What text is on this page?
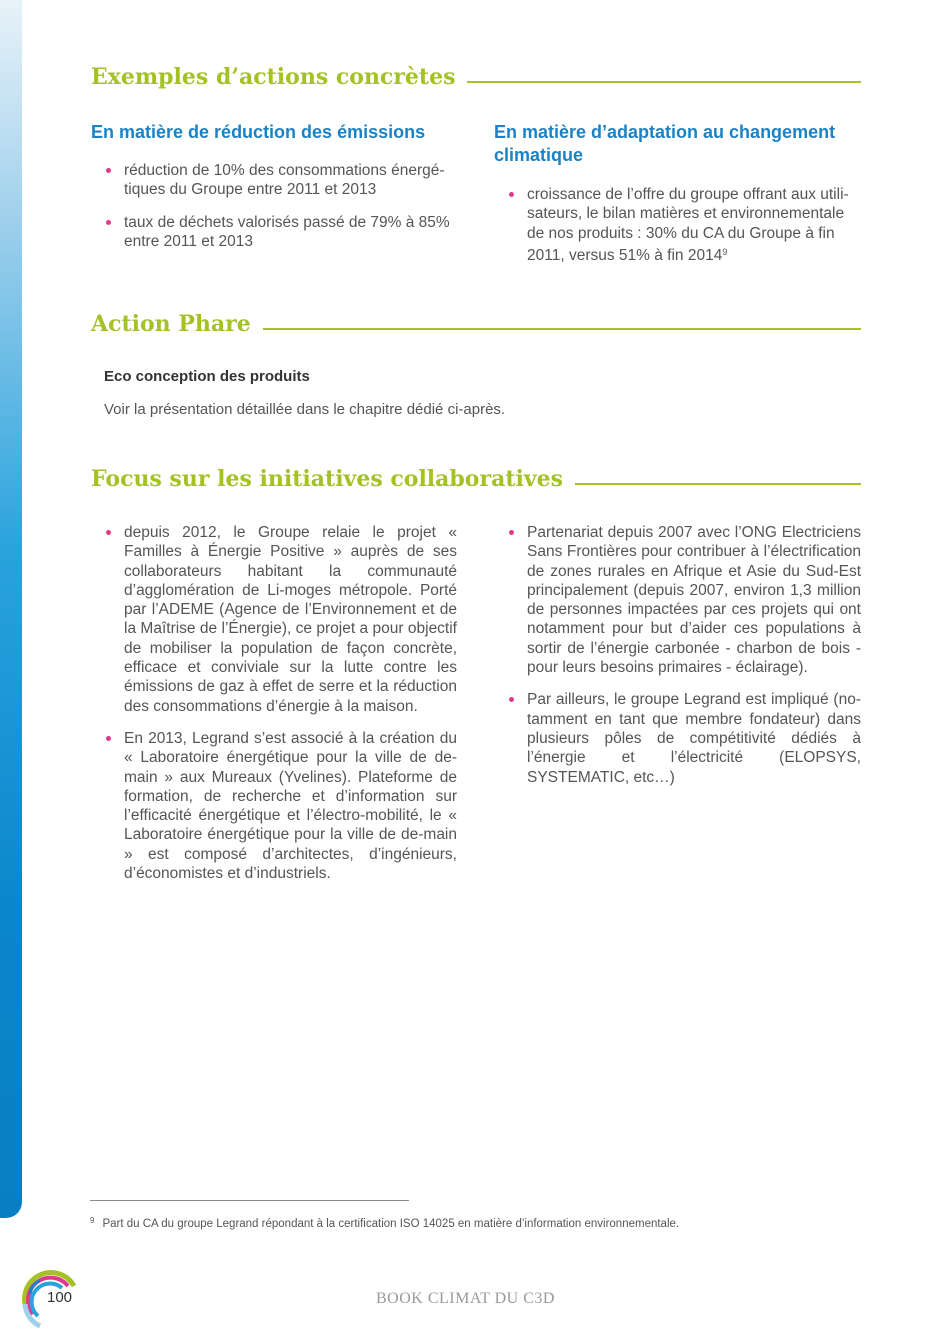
Exemples d’actions concrètes
En matière de réduction des émissions
réduction de 10% des consommations énergé-tiques du Groupe entre 2011 et 2013
taux de déchets valorisés passé de 79% à 85% entre 2011 et 2013
En matière d’adaptation au changement climatique
croissance de l’offre du groupe offrant aux utili-sateurs, le bilan matières et environnementale de nos produits : 30% du CA du Groupe à fin 2011, versus 51% à fin 2014$^9$
Action Phare
Eco conception des produits
Voir la présentation détaillée dans le chapitre dédié ci-après.
Focus sur les initiatives collaboratives
depuis 2012, le Groupe relaie le projet « Familles à Énergie Positive » auprès de ses collaborateurs habitant la communauté d’agglomération de Li-moges métropole. Porté par l’ADEME (Agence de l’Environnement et de la Maîtrise de l’Énergie), ce projet a pour objectif de mobiliser la population de façon concrète, efficace et conviviale sur la lutte contre les émissions de gaz à effet de serre et la réduction des consommations d’énergie à la maison.
En 2013, Legrand s’est associé à la création du « Laboratoire énergétique pour la ville de de-main » aux Mureaux (Yvelines). Plateforme de formation, de recherche et d’information sur l’efficacité énergétique et l’électro-mobilité, le « Laboratoire énergétique pour la ville de de-main » est composé d’architectes, d’ingénieurs, d’économistes et d’industriels.
Partenariat depuis 2007 avec l’ONG Electriciens Sans Frontières pour contribuer à l’électrification de zones rurales en Afrique et Asie du Sud-Est principalement (depuis 2007, environ 1,3 million de personnes impactées par ces projets qui ont notamment pour but d’aider ces populations à sortir de l’énergie carbonée - charbon de bois - pour leurs besoins primaires - éclairage).
Par ailleurs, le groupe Legrand est impliqué (no-tamment en tant que membre fondateur) dans plusieurs pôles de compétitivité dédiés à l’énergie et l’électricité (ELOPSYS, SYSTEMATIC, etc…)
$^9$ Part du CA du groupe Legrand répondant à la certification ISO 14025 en matière d’information environnementale.
100	BOOK CLIMAT DU C3D
